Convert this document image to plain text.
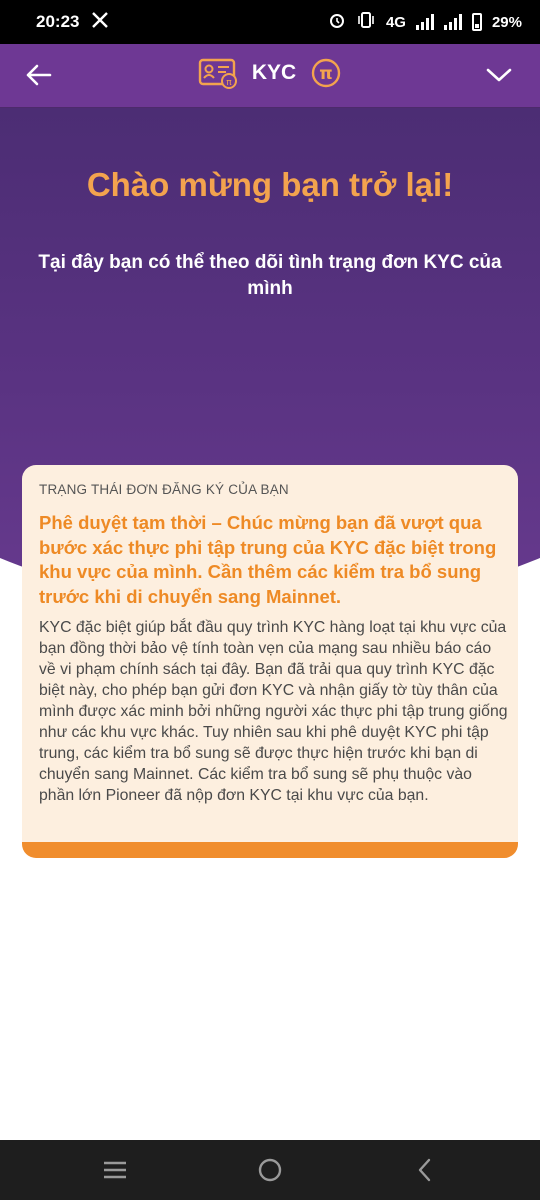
20:23	4G	29%
π KYC π
Chào mừng bạn trở lại!
Tại đây bạn có thể theo dõi tình trạng đơn KYC của mình
TRẠNG THÁI ĐƠN ĐĂNG KÝ CỦA BẠN
Phê duyệt tạm thời – Chúc mừng bạn đã vượt qua bước xác thực phi tập trung của KYC đặc biệt trong khu vực của mình. Cần thêm các kiểm tra bổ sung trước khi di chuyển sang Mainnet.
KYC đặc biệt giúp bắt đầu quy trình KYC hàng loạt tại khu vực của bạn đồng thời bảo vệ tính toàn vẹn của mạng sau nhiều báo cáo về vi phạm chính sách tại đây. Bạn đã trải qua quy trình KYC đặc biệt này, cho phép bạn gửi đơn KYC và nhận giấy tờ tùy thân của mình được xác minh bởi những người xác thực phi tập trung giống như các khu vực khác. Tuy nhiên sau khi phê duyệt KYC phi tập trung, các kiểm tra bổ sung sẽ được thực hiện trước khi bạn di chuyển sang Mainnet. Các kiểm tra bổ sung sẽ phụ thuộc vào phần lớn Pioneer đã nộp đơn KYC tại khu vực của bạn.
